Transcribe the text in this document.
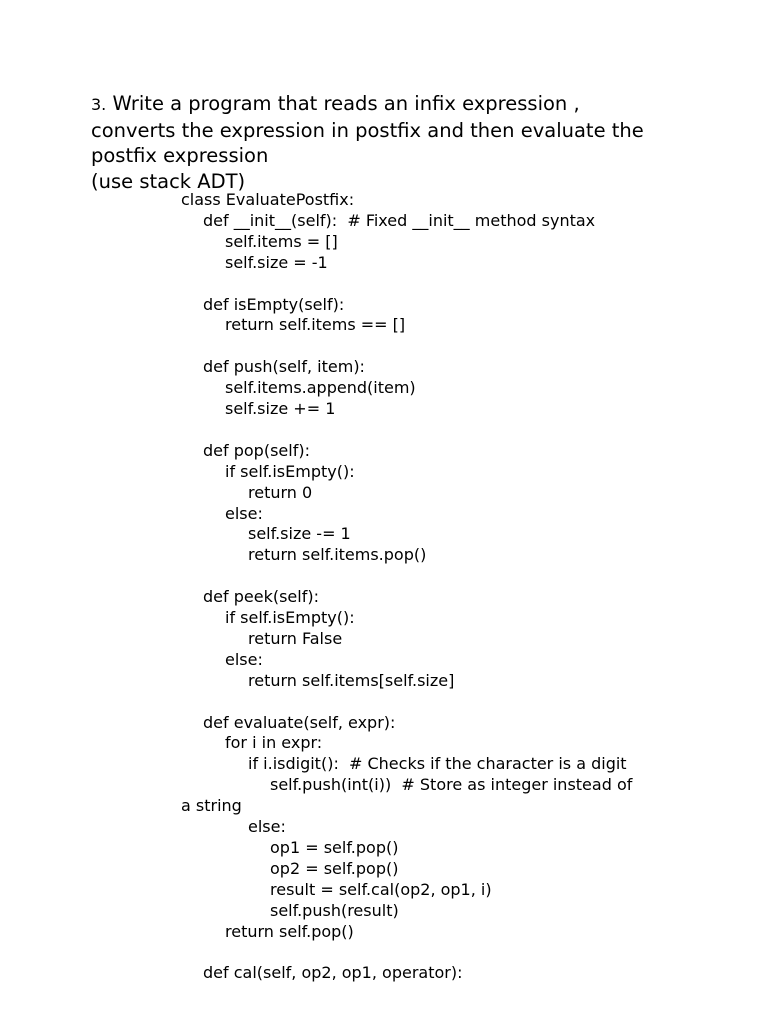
3. Write a program that reads an infix expression ,
converts the expression in postfix and then evaluate the
postfix expression
(use stack ADT)
class EvaluatePostfix:
def __init__(self):  # Fixed __init__ method syntax
self.items = []
self.size = -1
def isEmpty(self):
return self.items == []
def push(self, item):
self.items.append(item)
self.size += 1
def pop(self):
if self.isEmpty():
return 0
else:
self.size -= 1
return self.items.pop()
def peek(self):
if self.isEmpty():
return False
else:
return self.items[self.size]
def evaluate(self, expr):
for i in expr:
if i.isdigit():  # Checks if the character is a digit
self.push(int(i))  # Store as integer instead of
a string
else:
op1 = self.pop()
op2 = self.pop()
result = self.cal(op2, op1, i)
self.push(result)
return self.pop()
def cal(self, op2, op1, operator):
